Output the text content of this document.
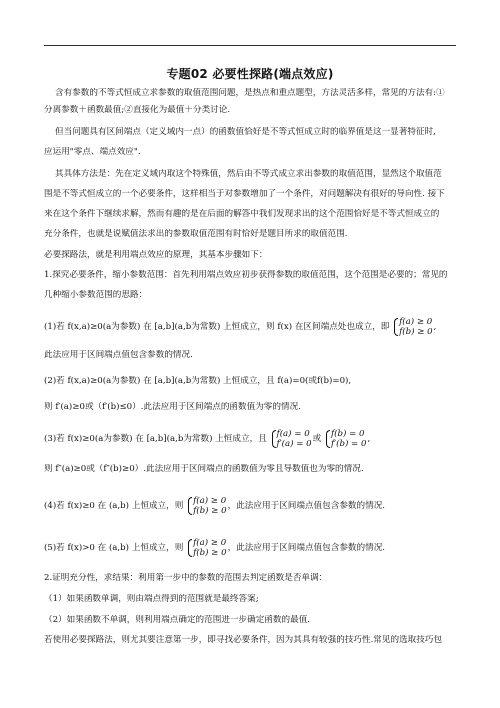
专题02 必要性探路(端点效应)
含有参数的不等式恒成立求参数的取值范围问题，是热点和重点题型，方法灵活多样，常见的方法有:①
分离参数＋函数最值;②直接化为最值＋分类讨论.
但当问题具有区间端点（定义域内一点）的函数值恰好是不等式恒成立时的临界值是这一显著特征时,
应运用"零点、端点效应".
其具体方法是：先在定义域内取这个特殊值，然后由不等式成立求出参数的取值范围，显然这个取值范
围是不等式恒成立的一个必要条件，这样相当于对参数增加了一个条件，对问题解决有很好的导向性. 接下
来在这个条件下继续求解，然而有趣的是在后面的解答中我们发现求出的这个范围恰好是不等式恒成立的
充分条件，也就是说赋值法求出的参数取值范围有时恰好是题目所求的取值范围.
必要探路法，就是利用端点效应的原理，其基本步骤如下：
1.探究必要条件，缩小参数范围：首先利用端点效应初步获得参数的取值范围，这个范围是必要的；常见的
几种缩小参数范围的思路：
(1)若 f(x,a)≥0(a为参数) 在 [a,b](a,b为常数) 上恒成立，则 f(x) 在区间端点处也成立，即
f(a) ≥ 0
f(b) ≥ 0 ,
此法应用于区间端点值包含参数的情况.
(2)若 f(x,a)≥0(a为参数) 在 [a,b](a,b为常数) 上恒成立，且 f(a)=0(或f(b)=0),
则 f′(a)≥0或（f′(b)≤0）.此法应用于区间端点的函数值为零的情况.
(3)若 f(x)≥0(a为参数) 在 [a,b](a,b为常数) 上恒成立，且
f(a) = 0
f′(a) = 0 或
f(b) = 0
f′(b) = 0 ,
则 f″(a)≥0或（f″(b)≥0）.此法应用于区间端点的函数值为零且导数值也为零的情况.
(4)若 f(x)≥0 在 (a,b) 上恒成立，则
f(a) ≥ 0
f(b) ≥ 0 ，此法应用于区间端点值包含参数的情况.
(5)若 f(x)>0 在 (a,b) 上恒成立，则
f(a) ≥ 0
f(b) ≥ 0 ，此法应用于区间端点值包含参数的情况.
2.证明充分性，求结果：利用第一步中的参数的范围去判定函数是否单调：
（1）如果函数单调，则由端点得到的范围就是最终答案;
（2）如果函数不单调，则利用端点确定的范围进一步确定函数的最值.
若使用必要探路法，则尤其要注意第一步，即寻找必要条件，因为其具有较强的技巧性.常见的选取技巧包
